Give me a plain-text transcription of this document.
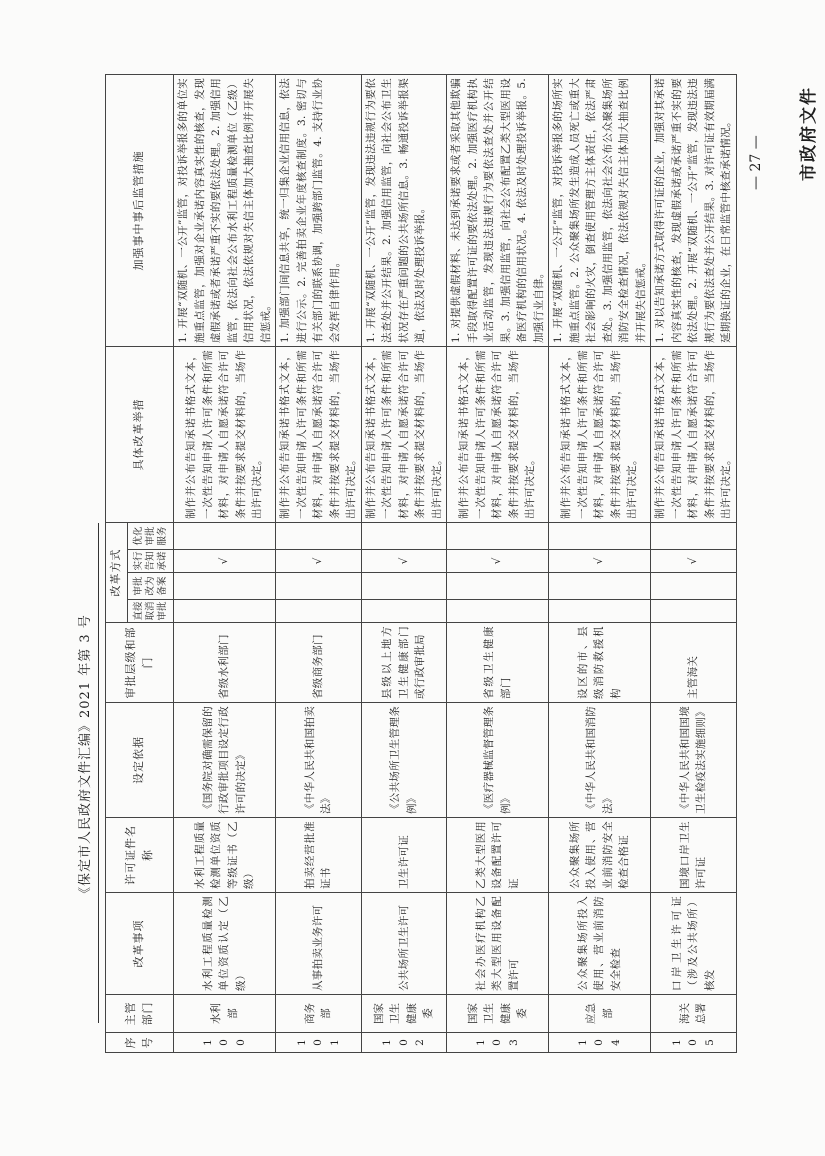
《保定市人民政府文件汇编》2021 年第 3 号
序号	主管部门	改革事项	许可证件名称	设定依据	审批层级和部门	改革方式				具体改革举措	加强事中事后监管措施
						直接取消审批	审批改为备案	实行告知承诺	优化审批服务		
100	水利部	水利工程质量检测单位资质认定（乙级）	水利工程质量检测单位资质等级证书（乙级）	《国务院对确需保留的行政审批项目设定行政许可的决定》	省级水利部门			√		制作并公布告知承诺书格式文本，一次性告知申请人许可条件和所需材料，对申请人自愿承诺符合许可条件并按要求提交材料的，当场作出许可决定。	1. 开展“双随机、一公开”监管，对投诉举报多的单位实施重点监管，加强对企业承诺内容真实性的核查，发现虚假承诺或者承诺严重不实的要依法处理。2. 加强信用监管，依法向社会公布水利工程质量检测单位（乙级）信用状况，依法依规对失信主体加大抽查比例并开展失信惩戒。
101	商务部	从事拍卖业务许可	拍卖经营批准证书	《中华人民共和国拍卖法》	省级商务部门			√		制作并公布告知承诺书格式文本，一次性告知申请人许可条件和所需材料，对申请人自愿承诺符合许可条件并按要求提交材料的，当场作出许可决定。	1. 加强部门间信息共享，统一归集企业信用信息，依法进行公示。2. 完善拍卖企业年度核查制度。3. 密切与有关部门的联系协调，加强跨部门监管。4. 支持行业协会发挥自律作用。
102	国家卫生健康委	公共场所卫生许可	卫生许可证	《公共场所卫生管理条例》	县级以上地方卫生健康部门或行政审批局			√		制作并公布告知承诺书格式文本，一次性告知申请人许可条件和所需材料，对申请人自愿承诺符合许可条件并按要求提交材料的，当场作出许可决定。	1. 开展“双随机、一公开”监管，发现违法违规行为要依法查处并公开结果。2. 加强信用监管，向社会公布卫生状况存在严重问题的公共场所信息。3. 畅通投诉举报渠道，依法及时处理投诉举报。
103	国家卫生健康委	社会办医疗机构乙类大型医用设备配置许可	乙类大型医用设备配置许可证	《医疗器械监督管理条例》	省级卫生健康部门			√		制作并公布告知承诺书格式文本，一次性告知申请人许可条件和所需材料，对申请人自愿承诺符合许可条件并按要求提交材料的，当场作出许可决定。	1. 对提供虚假材料、未达到承诺要求或者采取其他欺骗手段取得配置许可证的要依法处理。2. 加强医疗机构执业活动监管，发现违法违规行为要依法查处并公开结果。3. 加强信用监管，向社会公布配置乙类大型医用设备医疗机构的信用状况。4. 依法及时处理投诉举报。5. 加强行业自律。
104	应急部	公众聚集场所投入使用、营业前消防安全检查	公众聚集场所投入使用、营业前消防安全检查合格证	《中华人民共和国消防法》	设区的市、县级消防救援机构			√		制作并公布告知承诺书格式文本，一次性告知申请人许可条件和所需材料，对申请人自愿承诺符合许可条件并按要求提交材料的，当场作出许可决定。	1. 开展“双随机、一公开”监管，对投诉举报多的场所实施重点监管。2. 公众聚集场所发生造成人员死亡或重大社会影响的火灾，倒查使用管理方主体责任，依法严肃查处。3. 加强信用监管，依法向社会公布公众聚集场所消防安全检查情况，依法依规对失信主体加大抽查比例并开展失信惩戒。
105	海关总署	口岸卫生许可证（涉及公共场所）核发	国境口岸卫生许可证	《中华人民共和国国境卫生检疫法实施细则》	主管海关			√		制作并公布告知承诺书格式文本，一次性告知申请人许可条件和所需材料，对申请人自愿承诺符合许可条件并按要求提交材料的，当场作出许可决定。	1. 对以告知承诺方式取得许可证的企业，加强对其承诺内容真实性的核查，发现虚假承诺或承诺严重不实的要依法处理。2. 开展“双随机、一公开”监管，发现违法违规行为要依法查处并公开结果。3. 对许可证有效期届满延期换证的企业，在日常监管中核查承诺情况。 — 27 — 市政府文件
